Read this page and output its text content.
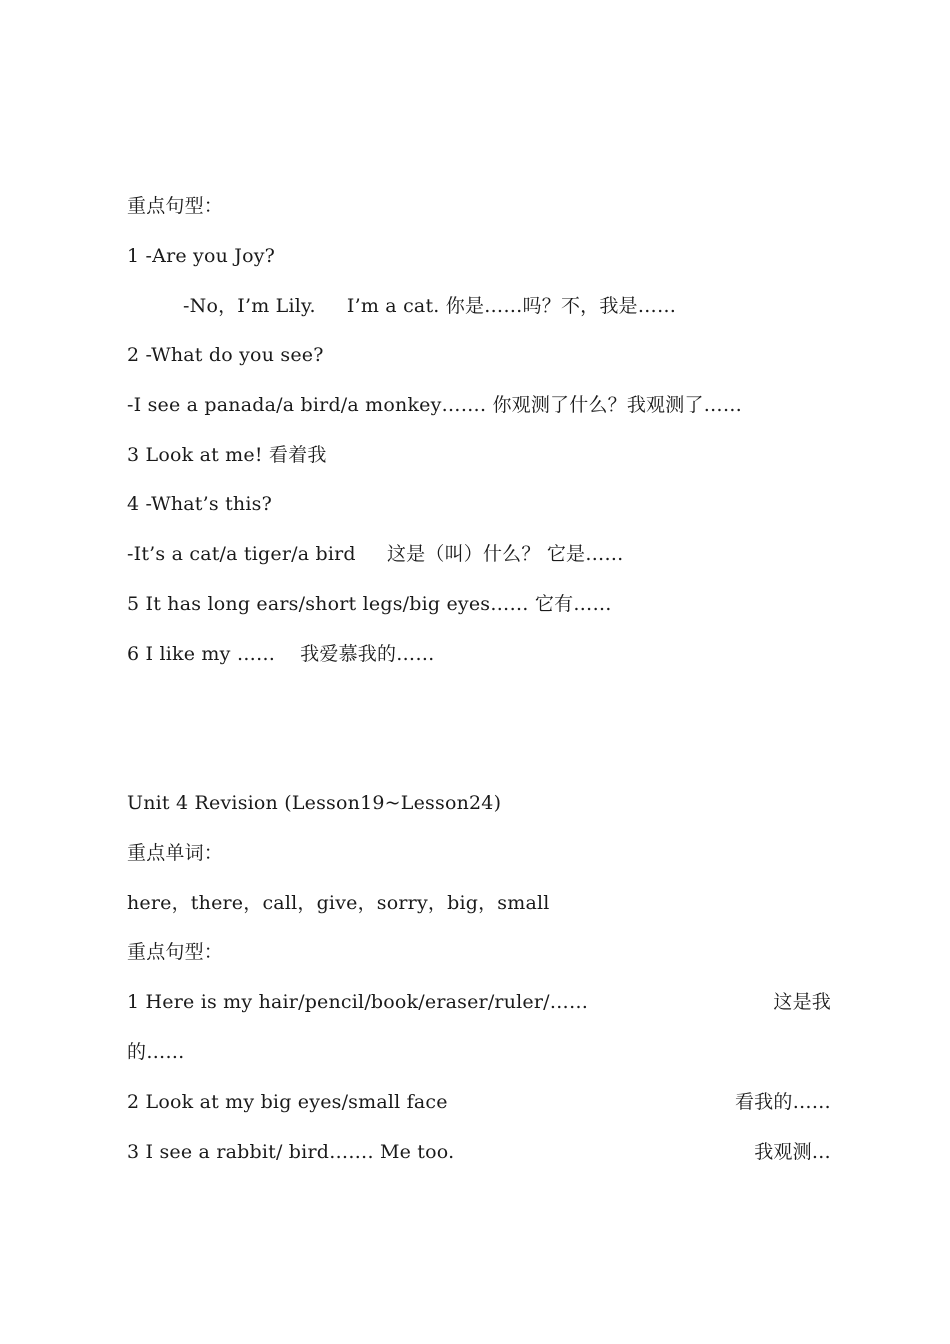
重点句型：
1 -Are you Joy?
-No，I’m Lily.     I’m a cat. 你是……吗？不，我是……
2 -What do you see?
-I see a panada/a bird/a monkey……. 你观测了什么？我观测了……
3 Look at me! 看着我
4 -What’s this?
-It’s a cat/a tiger/a bird     这是（叫）什么？ 它是……
5 It has long ears/short legs/big eyes…… 它有……
6 I like my ……    我爱慕我的……
Unit 4 Revision (Lesson19~Lesson24)
重点单词：
here，there，call，give，sorry，big，small
重点句型：
1 Here is my hair/pencil/book/eraser/ruler/……	这是我
的……
2 Look at my big eyes/small face	看我的……
3 I see a rabbit/ bird……. Me too.	我观测…
